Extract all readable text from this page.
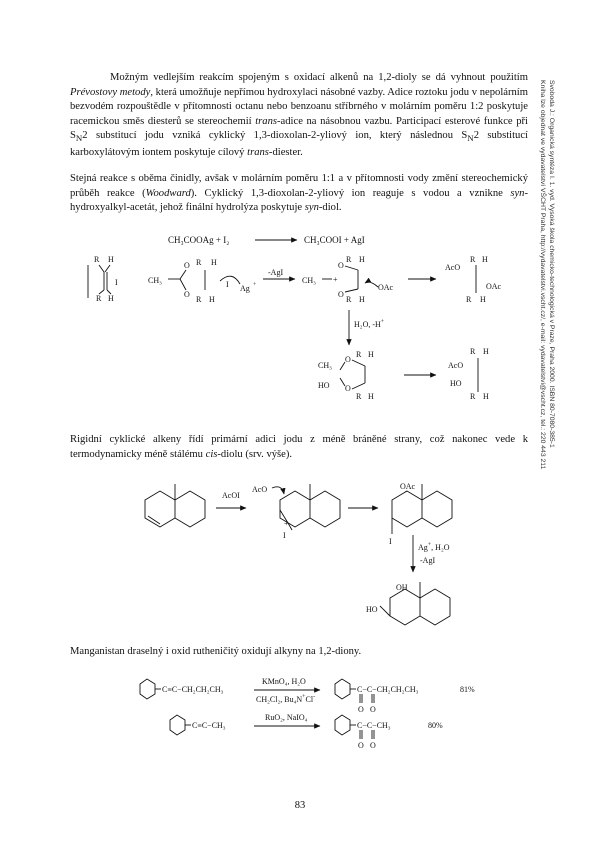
Možným vedlejším reakcím spojeným s oxidací alkenů na 1,2-dioly se dá vyhnout použitím Prévostovy metody, která umožňuje nepřímou hydroxylaci násobné vazby. Adice roztoku jodu v nepolárním bezvodém rozpouštědle v přítomnosti octanu nebo benzoanu stříbrného v molárním poměru 1:2 poskytuje racemickou směs diesterů se stereochemií trans-adice na násobnou vazbu. Participací esterové funkce při $S_N2$ substitucí jodu vzniká cyklický 1,3-dioxolan-2-yliový ion, který následnou $S_N2$ substitucí karboxylátovým iontem poskytuje cílový trans-diester.

Stejná reakce s oběma činidly, avšak v molárním poměru 1:1 a v přítomnosti vody změní stereochemický průběh reakce (Woodward). Cyklický 1,3-dioxolan-2-yliový ion reaguje s vodou a vznikne syn-hydroxyalkyl-acetát, jehož finální hydrolýza poskytuje syn-diol.

Rigidní cyklické alkeny řídí primární adici jodu z méně bráněné strany, což nakonec vede k termodynamicky méně stálému cis-diolu (srv. výše).

Manganistan draselný i oxid rutheničitý oxidují alkyny na 1,2-diony.

Svoboda J.: Organická syntéza I. 1. vyd. Vysoká škola chemicko-technologická v Praze, Praha 2000. ISBN 80-7080-385-1
Kniha lze objednat ve vydavatelství VŠCHT Praha, http://vydavatelstvi.vscht.cz/, e-mail: vydavatelstvi@vscht.cz, tel.: 220 443 211
83
CH₃COOAg + I₂	CH₃COOI + AgI
R H
R H
I	CH₃
R H
R H
O
O
I Ag +
-AgI
CH₃ +
O
O
R H
R H
OAc
AcO
OAc
R H
R H
H₂O, -H+
CH₃
HO
O
O
R H
R H
AcO
HO
R H
R H
AcOI
AcO
+
I
OAc
I
Ag+, H₂O
-AgI
OH
HO
C≡C−CH₂CH₂CH₃
KMnO₄, H₂O
CH₂Cl₂, Bu₄N+Cl-
C−C−CH₂CH₂CH₃
O O
81%
C≡C−CH₃
RuO₂, NaIO₄
C−C−CH₃
O O
80%
